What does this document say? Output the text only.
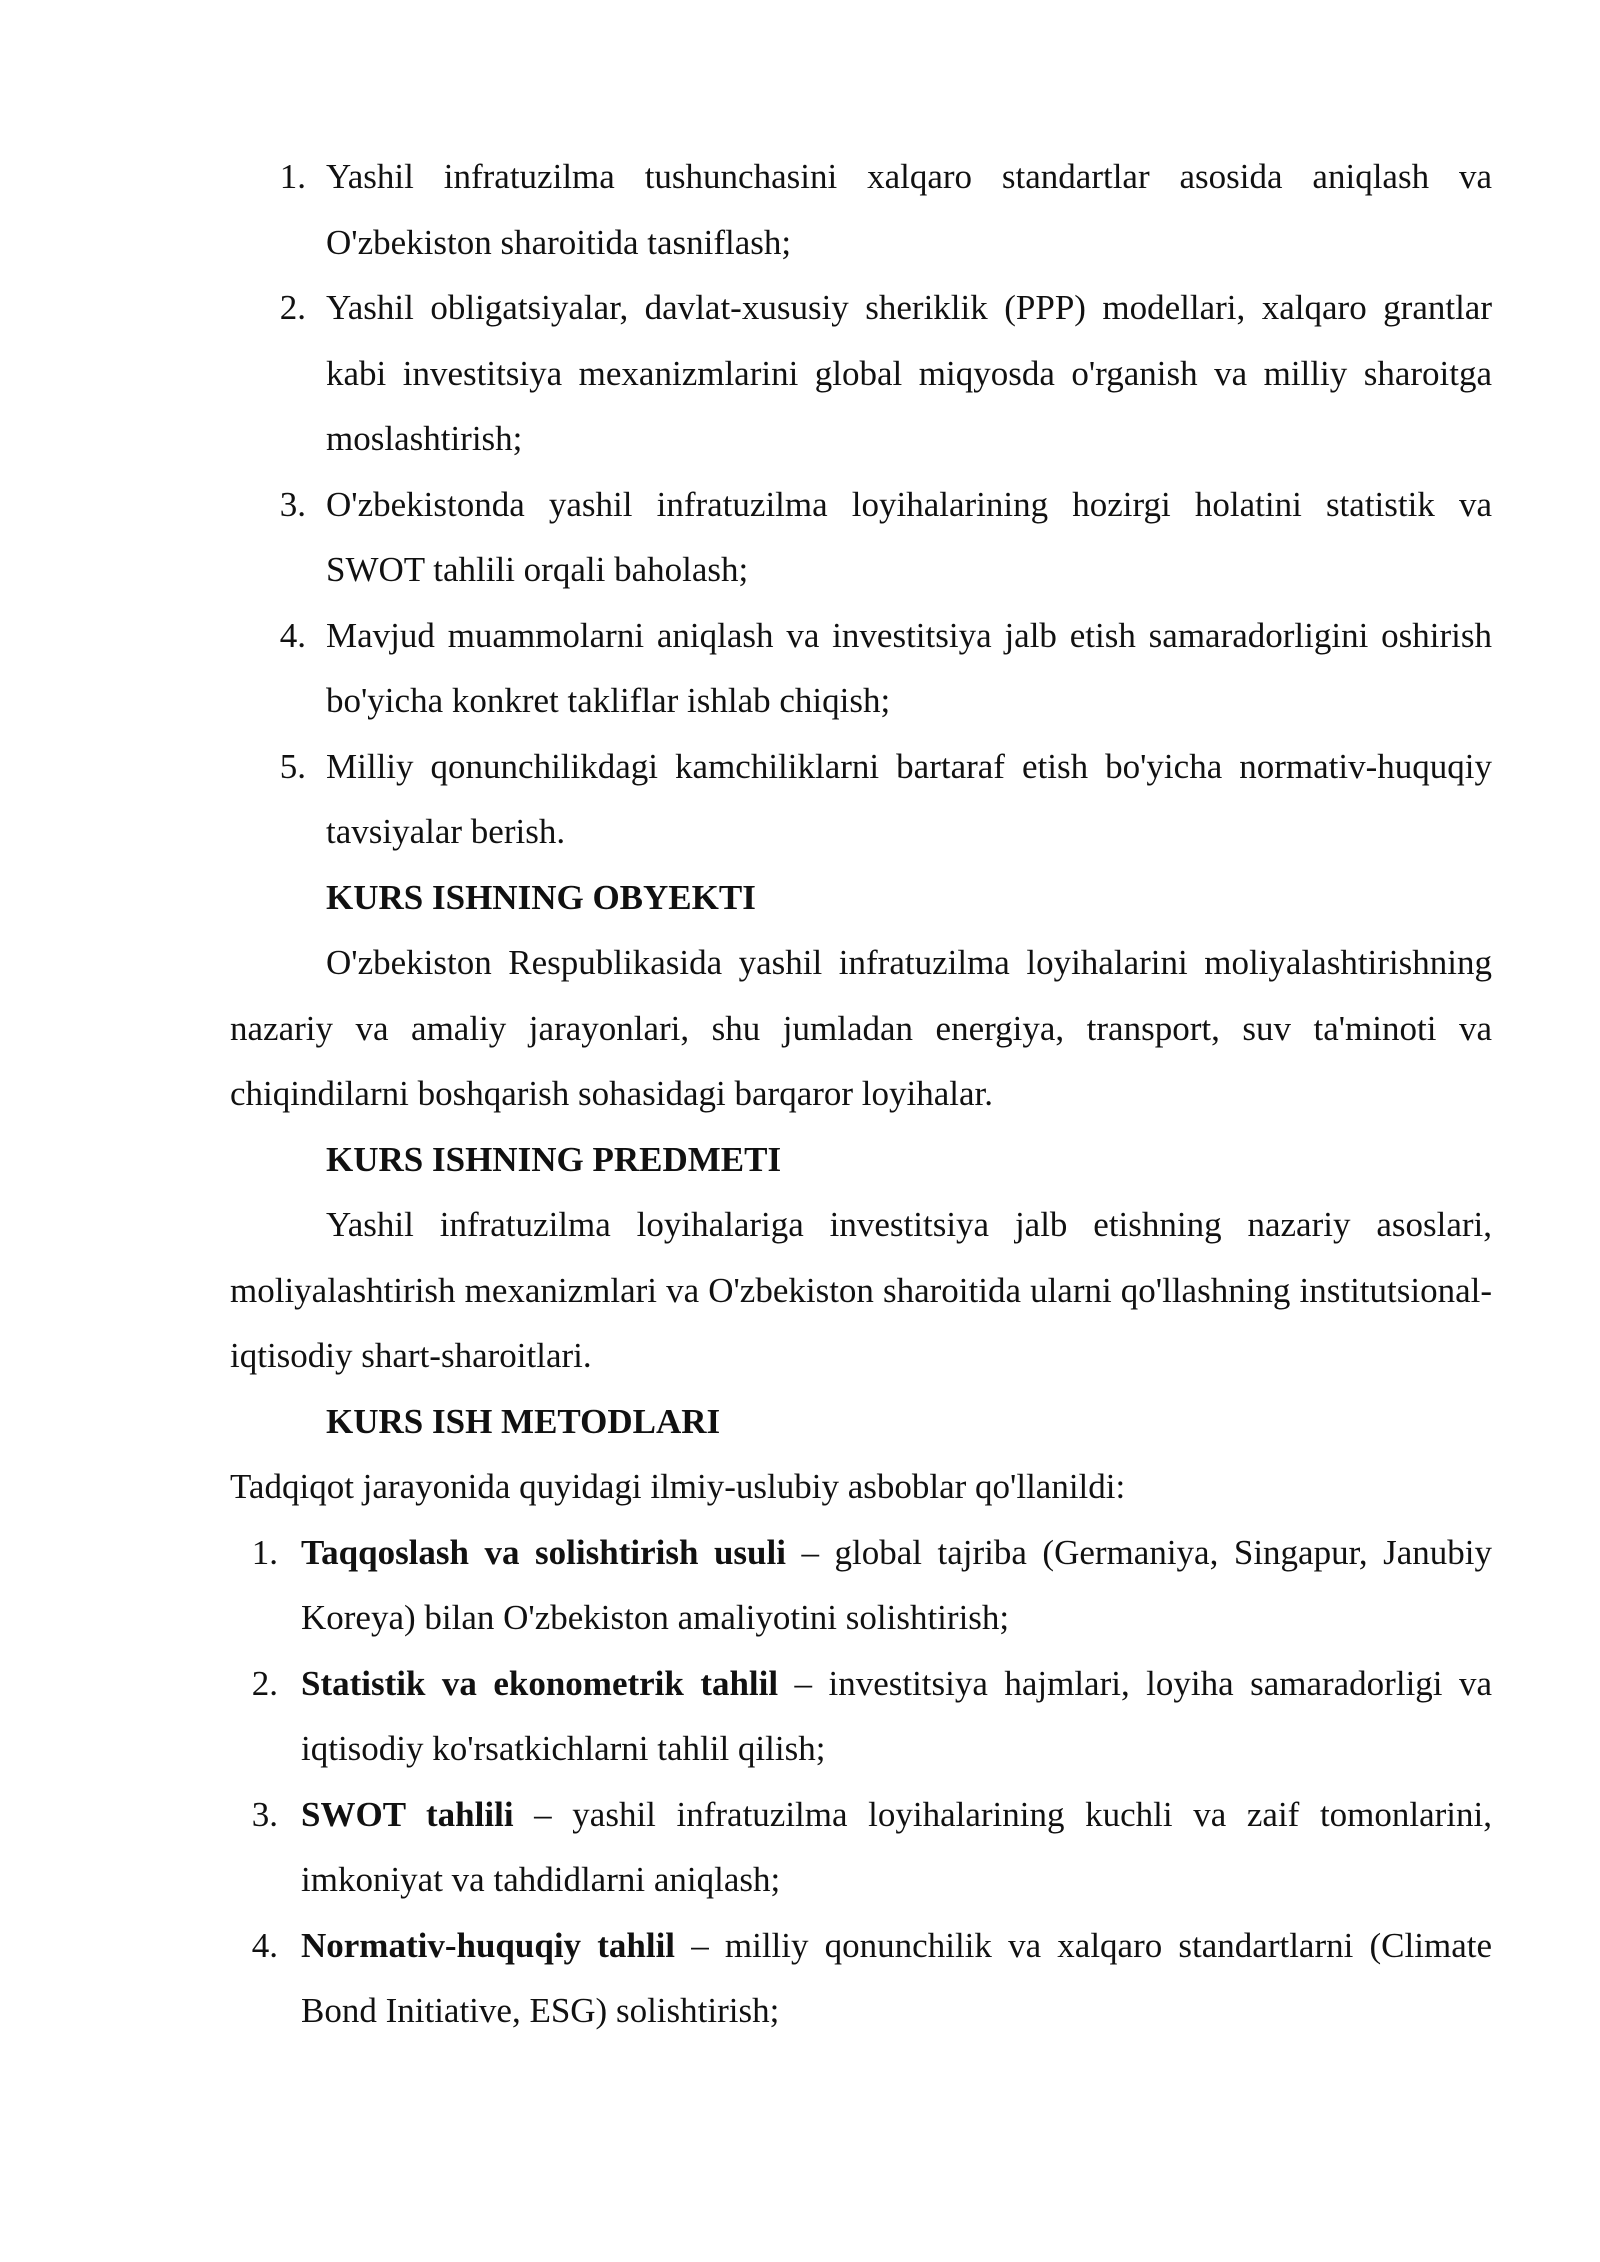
1. Yashil infratuzilma tushunchasini xalqaro standartlar asosida aniqlash va O'zbekiston sharoitida tasniflash;
2. Yashil obligatsiyalar, davlat-xususiy sheriklik (PPP) modellari, xalqaro grantlar kabi investitsiya mexanizmlarini global miqyosda o'rganish va milliy sharoitga moslashtirish;
3. O'zbekistonda yashil infratuzilma loyihalarining hozirgi holatini statistik va SWOT tahlili orqali baholash;
4. Mavjud muammolarni aniqlash va investitsiya jalb etish samaradorligini oshirish bo'yicha konkret takliflar ishlab chiqish;
5. Milliy qonunchilikdagi kamchiliklarni bartaraf etish bo'yicha normativ-huquqiy tavsiyalar berish.

KURS ISHNING OBYEKTI

O'zbekiston Respublikasida yashil infratuzilma loyihalarini moliyalashtirishning nazariy va amaliy jarayonlari, shu jumladan energiya, transport, suv ta'minoti va chiqindilarni boshqarish sohasidagi barqaror loyihalar.

KURS ISHNING PREDMETI

Yashil infratuzilma loyihalariga investitsiya jalb etishning nazariy asoslari, moliyalashtirish mexanizmlari va O'zbekiston sharoitida ularni qo'llashning institutsional-iqtisodiy shart-sharoitlari.

KURS ISH METODLARI

Tadqiqot jarayonida quyidagi ilmiy-uslubiy asboblar qo'llanildi:

1. Taqqoslash va solishtirish usuli – global tajriba (Germaniya, Singapur, Janubiy Koreya) bilan O'zbekiston amaliyotini solishtirish;
2. Statistik va ekonometrik tahlil – investitsiya hajmlari, loyiha samaradorligi va iqtisodiy ko'rsatkichlarni tahlil qilish;
3. SWOT tahlili – yashil infratuzilma loyihalarining kuchli va zaif tomonlarini, imkoniyat va tahdidlarni aniqlash;
4. Normativ-huquqiy tahlil – milliy qonunchilik va xalqaro standartlarni (Climate Bond Initiative, ESG) solishtirish;
